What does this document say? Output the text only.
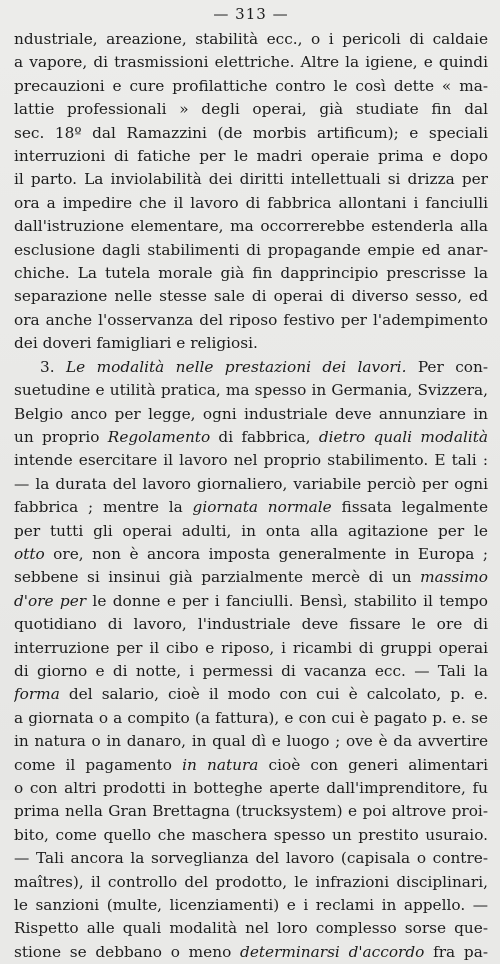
— 313 —
ndustriale, areazione, stabilità ecc., o i pericoli di caldaie
a vapore, di trasmissioni elettriche. Altre la igiene, e quindi
precauzioni e cure profilattiche contro le così dette « ma-
lattie professionali » degli operai, già studiate fin dal
sec. 18º dal Ramazzini (de morbis artificum); e speciali
interruzioni di fatiche per le madri operaie prima e dopo
il parto. La inviolabilità dei diritti intellettuali si drizza per
ora a impedire che il lavoro di fabbrica allontani i fanciulli
dall'istruzione elementare, ma occorrerebbe estenderla alla
esclusione dagli stabilimenti di propagande empie ed anar-
chiche. La tutela morale già fin dapprincipio prescrisse la
separazione nelle stesse sale di operai di diverso sesso, ed
ora anche l'osservanza del riposo festivo per l'adempimento
dei doveri famigliari e religiosi.
3. Le modalità nelle prestazioni dei lavori. Per con-
suetudine e utilità pratica, ma spesso in Germania, Svizzera,
Belgio anco per legge, ogni industriale deve annunziare in
un proprio Regolamento di fabbrica, dietro quali modalità
intende esercitare il lavoro nel proprio stabilimento. E tali :
— la durata del lavoro giornaliero, variabile perciò per ogni
fabbrica ; mentre la giornata normale fissata legalmente
per tutti gli operai adulti, in onta alla agitazione per le
otto ore, non è ancora imposta generalmente in Europa ;
sebbene si insinui già parzialmente mercè di un massimo
d'ore per le donne e per i fanciulli. Bensì, stabilito il tempo
quotidiano di lavoro, l'industriale deve fissare le ore di
interruzione per il cibo e riposo, i ricambi di gruppi operai
di giorno e di notte, i permessi di vacanza ecc. — Tali la
forma del salario, cioè il modo con cui è calcolato, p. e.
a giornata o a compito (a fattura), e con cui è pagato p. e. se
in natura o in danaro, in qual dì e luogo ; ove è da avvertire
come il pagamento in natura cioè con generi alimentari
o con altri prodotti in botteghe aperte dall'imprenditore, fu
prima nella Gran Brettagna (trucksystem) e poi altrove proi-
bito, come quello che maschera spesso un prestito usuraio.
— Tali ancora la sorveglianza del lavoro (capisala o contre-
maîtres), il controllo del prodotto, le infrazioni disciplinari,
le sanzioni (multe, licenziamenti) e i reclami in appello. —
Rispetto alle quali modalità nel loro complesso sorse que-
stione se debbano o meno determinarsi d'accordo fra pa-
